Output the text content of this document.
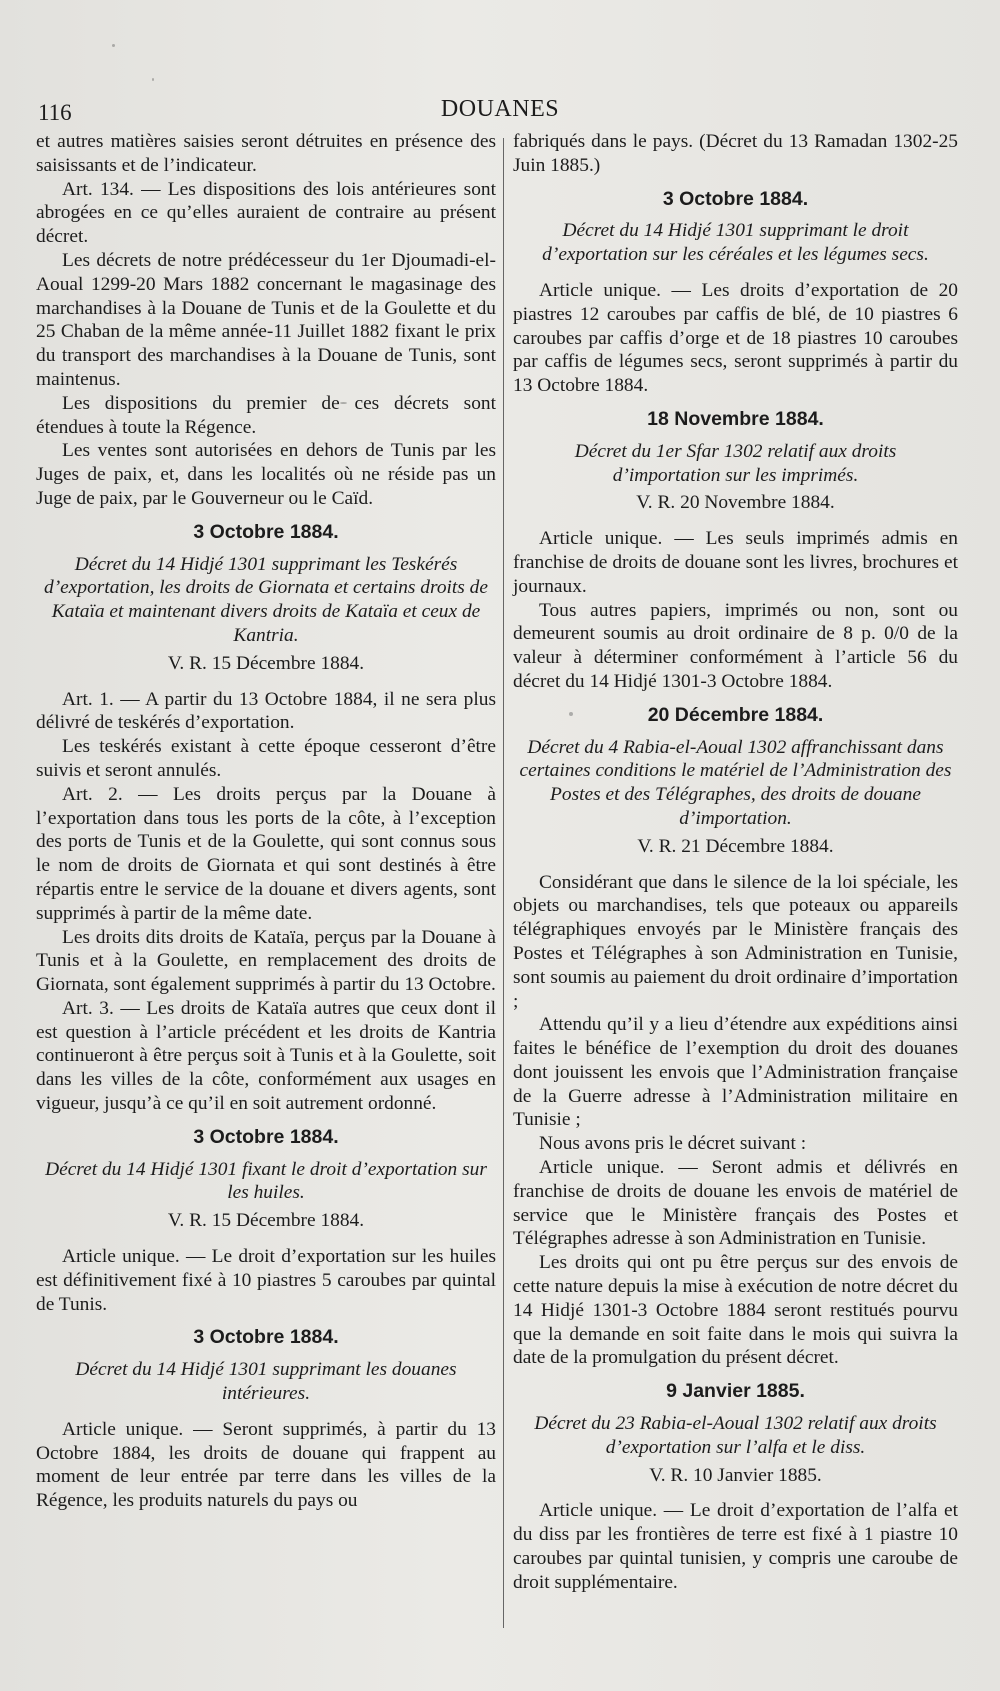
116	DOUANES

et autres matières saisies seront détruites en présence des saisissants et de l’indicateur.

Art. 134. — Les dispositions des lois antérieures sont abrogées en ce qu’elles auraient de contraire au présent décret.

Les décrets de notre prédécesseur du 1er Djoumadi-el-Aoual 1299-20 Mars 1882 concernant le magasinage des marchandises à la Douane de Tunis et de la Goulette et du 25 Chaban de la même année-11 Juillet 1882 fixant le prix du transport des marchandises à la Douane de Tunis, sont maintenus.

Les dispositions du premier de ces décrets sont étendues à toute la Régence.

Les ventes sont autorisées en dehors de Tunis par les Juges de paix, et, dans les localités où ne réside pas un Juge de paix, par le Gouverneur ou le Caïd.

3 Octobre 1884.

Décret du 14 Hidjé 1301 supprimant les Teskérés d’exportation, les droits de Giornata et certains droits de Kataïa et maintenant divers droits de Kataïa et ceux de Kantria.

V. R. 15 Décembre 1884.

Art. 1. — A partir du 13 Octobre 1884, il ne sera plus délivré de teskérés d’exportation.

Les teskérés existant à cette époque cesseront d’être suivis et seront annulés.

Art. 2. — Les droits perçus par la Douane à l’exportation dans tous les ports de la côte, à l’exception des ports de Tunis et de la Goulette, qui sont connus sous le nom de droits de Giornata et qui sont destinés à être répartis entre le service de la douane et divers agents, sont supprimés à partir de la même date.

Les droits dits droits de Kataïa, perçus par la Douane à Tunis et à la Goulette, en remplacement des droits de Giornata, sont également supprimés à partir du 13 Octobre.

Art. 3. — Les droits de Kataïa autres que ceux dont il est question à l’article précédent et les droits de Kantria continueront à être perçus soit à Tunis et à la Goulette, soit dans les villes de la côte, conformément aux usages en vigueur, jusqu’à ce qu’il en soit autrement ordonné.

3 Octobre 1884.

Décret du 14 Hidjé 1301 fixant le droit d’exportation sur les huiles.

V. R. 15 Décembre 1884.

Article unique. — Le droit d’exportation sur les huiles est définitivement fixé à 10 piastres 5 caroubes par quintal de Tunis.

3 Octobre 1884.

Décret du 14 Hidjé 1301 supprimant les douanes intérieures.

Article unique. — Seront supprimés, à partir du 13 Octobre 1884, les droits de douane qui frappent au moment de leur entrée par terre dans les villes de la Régence, les produits naturels du pays ou

fabriqués dans le pays. (Décret du 13 Ramadan 1302-25 Juin 1885.)

3 Octobre 1884.

Décret du 14 Hidjé 1301 supprimant le droit d’exportation sur les céréales et les légumes secs.

Article unique. — Les droits d’exportation de 20 piastres 12 caroubes par caffis de blé, de 10 piastres 6 caroubes par caffis d’orge et de 18 piastres 10 caroubes par caffis de légumes secs, seront supprimés à partir du 13 Octobre 1884.

18 Novembre 1884.

Décret du 1er Sfar 1302 relatif aux droits d’importation sur les imprimés.

V. R. 20 Novembre 1884.

Article unique. — Les seuls imprimés admis en franchise de droits de douane sont les livres, brochures et journaux.

Tous autres papiers, imprimés ou non, sont ou demeurent soumis au droit ordinaire de 8 p. 0/0 de la valeur à déterminer conformément à l’article 56 du décret du 14 Hidjé 1301-3 Octobre 1884.

20 Décembre 1884.

Décret du 4 Rabia-el-Aoual 1302 affranchissant dans certaines conditions le matériel de l’Administration des Postes et des Télégraphes, des droits de douane d’importation.

V. R. 21 Décembre 1884.

Considérant que dans le silence de la loi spéciale, les objets ou marchandises, tels que poteaux ou appareils télégraphiques envoyés par le Ministère français des Postes et Télégraphes à son Administration en Tunisie, sont soumis au paiement du droit ordinaire d’importation ;

Attendu qu’il y a lieu d’étendre aux expéditions ainsi faites le bénéfice de l’exemption du droit des douanes dont jouissent les envois que l’Administration française de la Guerre adresse à l’Administration militaire en Tunisie ;

Nous avons pris le décret suivant :

Article unique. — Seront admis et délivrés en franchise de droits de douane les envois de matériel de service que le Ministère français des Postes et Télégraphes adresse à son Administration en Tunisie.

Les droits qui ont pu être perçus sur des envois de cette nature depuis la mise à exécution de notre décret du 14 Hidjé 1301-3 Octobre 1884 seront restitués pourvu que la demande en soit faite dans le mois qui suivra la date de la promulgation du présent décret.

9 Janvier 1885.

Décret du 23 Rabia-el-Aoual 1302 relatif aux droits d’exportation sur l’alfa et le diss.

V. R. 10 Janvier 1885.

Article unique. — Le droit d’exportation de l’alfa et du diss par les frontières de terre est fixé à 1 piastre 10 caroubes par quintal tunisien, y compris une caroube de droit supplémentaire.
